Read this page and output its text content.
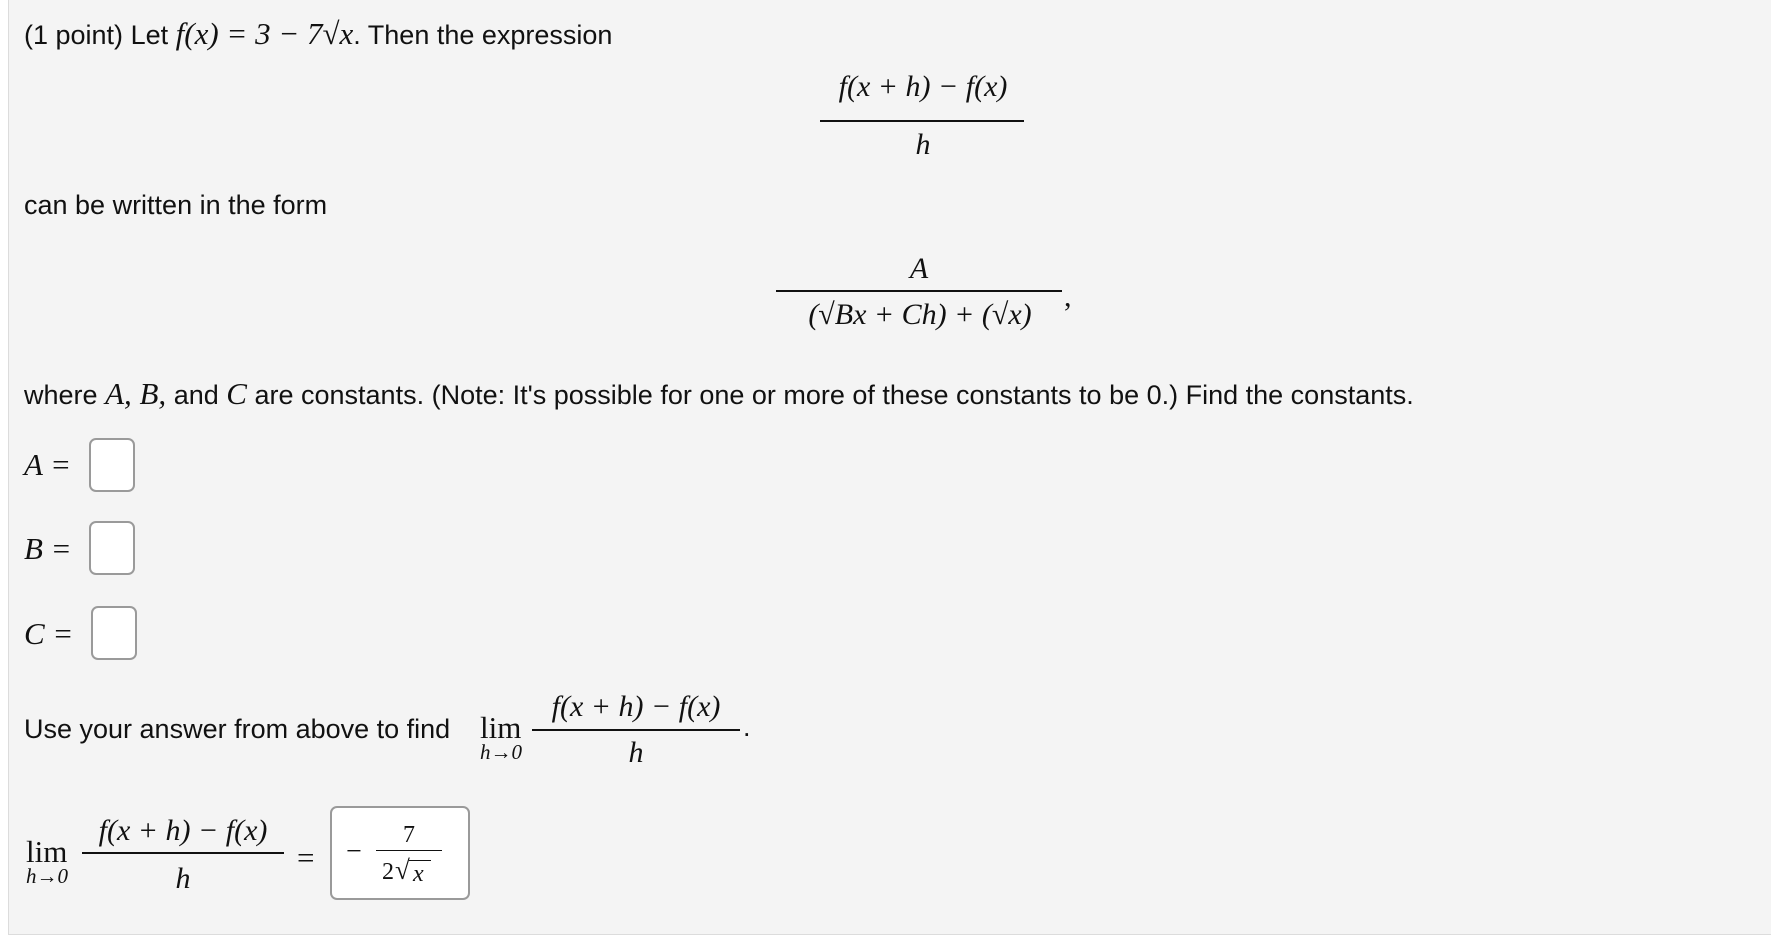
(1 point) Let f(x) = 3 − 7√x. Then the expression
f(x + h) − f(x)
h
can be written in the form
A
(√Bx + Ch) + (√x)
,
where A, B, and C are constants. (Note: It's possible for one or more of these constants to be 0.) Find the constants.
A =
B =
C =
Use your answer from above to find lim
h→0
f(x + h) − f(x)
h
.
lim
h→0
f(x + h) − f(x)
h
= −
7
2 √ x
